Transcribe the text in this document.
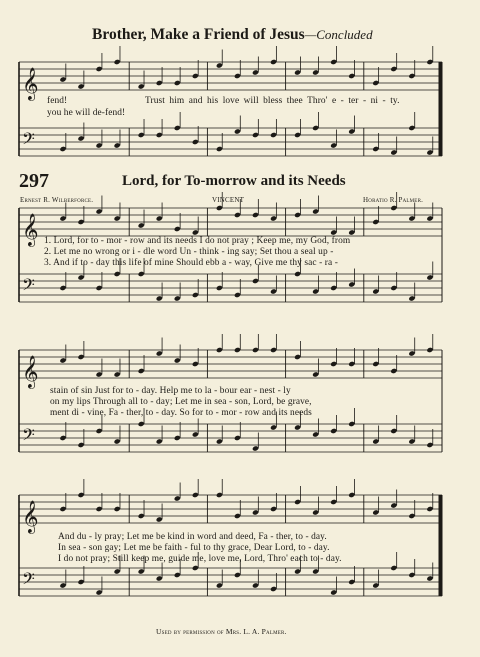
Brother, Make a Friend of Jesus—Concluded
𝄞
𝄢
𝄞
𝄢
𝄞
𝄢
𝄞
𝄢
fend!	Trust him and his love will bless thee Thro' e - ter - ni - ty.
you he will de-fend!
297	Lord, for To-morrow and its Needs
Ernest R. Wilberforce.	VINCENT	Horatio R. Palmer.
1. Lord, for to - mor - row and its needs I do not pray ; Keep me, my God, from
2. Let me no wrong or i - dle word Un - think - ing say; Set thou a seal up -
3. And if to - day this life of mine Should ebb a - way, Give me thy sac - ra -
stain of sin Just for to - day. Help me to la - bour ear - nest - ly
on my lips Through all to - day; Let me in sea - son, Lord, be grave,
ment di - vine, Fa - ther, to - day. So for to - mor - row and its needs
And du - ly pray; Let me be kind in word and deed, Fa - ther, to - day.
In sea - son gay; Let me be faith - ful to thy grace, Dear Lord, to - day.
I do not pray; Still keep me, guide me, love me, Lord, Thro' each to - day.
Used by permission of Mrs. L. A. Palmer.
